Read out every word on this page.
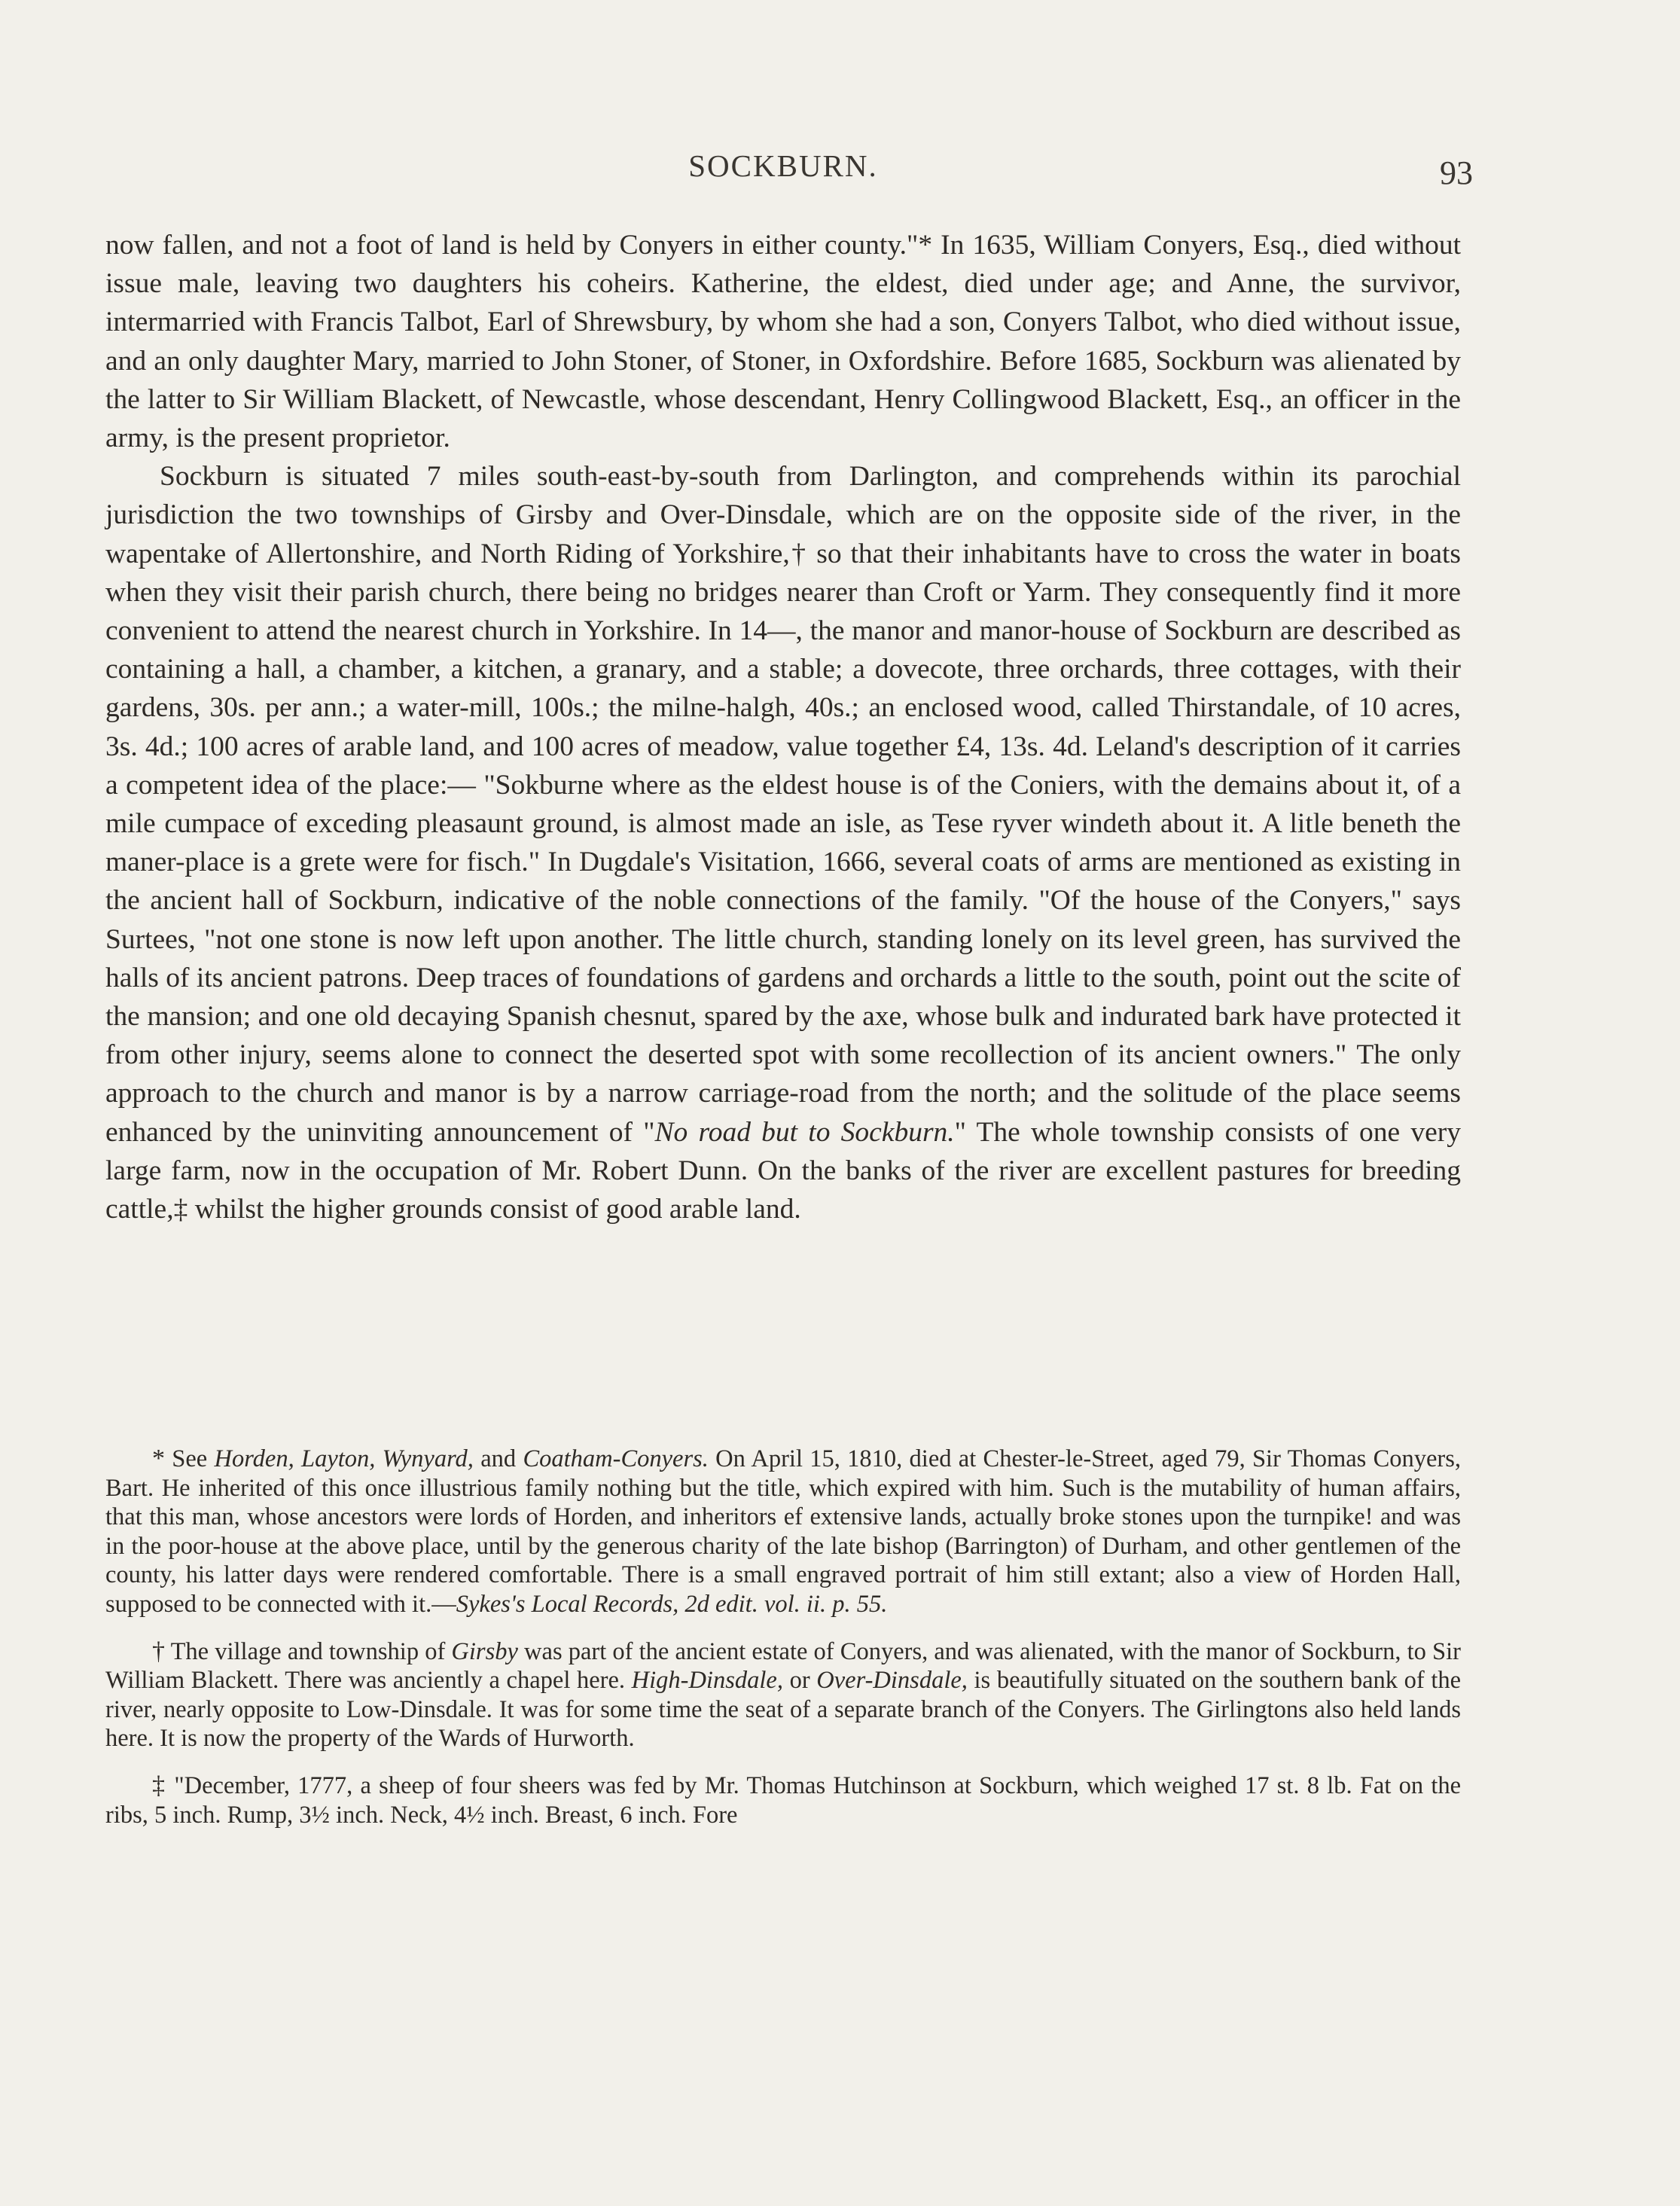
SOCKBURN.	93

now fallen, and not a foot of land is held by Conyers in either county."* In 1635, William Conyers, Esq., died without issue male, leaving two daughters his coheirs. Katherine, the eldest, died under age; and Anne, the survivor, intermarried with Francis Talbot, Earl of Shrewsbury, by whom she had a son, Conyers Talbot, who died without issue, and an only daughter Mary, married to John Stoner, of Stoner, in Oxfordshire. Before 1685, Sockburn was alienated by the latter to Sir William Blackett, of Newcastle, whose descendant, Henry Collingwood Blackett, Esq., an officer in the army, is the present proprietor.

Sockburn is situated 7 miles south-east-by-south from Darlington, and comprehends within its parochial jurisdiction the two townships of Girsby and Over-Dinsdale, which are on the opposite side of the river, in the wapentake of Allertonshire, and North Riding of Yorkshire,† so that their inhabitants have to cross the water in boats when they visit their parish church, there being no bridges nearer than Croft or Yarm. They consequently find it more convenient to attend the nearest church in Yorkshire. In 14—, the manor and manor-house of Sockburn are described as containing a hall, a chamber, a kitchen, a granary, and a stable; a dovecote, three orchards, three cottages, with their gardens, 30s. per ann.; a water-mill, 100s.; the milne-halgh, 40s.; an enclosed wood, called Thirstandale, of 10 acres, 3s. 4d.; 100 acres of arable land, and 100 acres of meadow, value together £4, 13s. 4d. Leland's description of it carries a competent idea of the place:— "Sokburne where as the eldest house is of the Coniers, with the demains about it, of a mile cumpace of exceding pleasaunt ground, is almost made an isle, as Tese ryver windeth about it. A litle beneth the maner-place is a grete were for fisch." In Dugdale's Visitation, 1666, several coats of arms are mentioned as existing in the ancient hall of Sockburn, indicative of the noble connections of the family. "Of the house of the Conyers," says Surtees, "not one stone is now left upon another. The little church, standing lonely on its level green, has survived the halls of its ancient patrons. Deep traces of foundations of gardens and orchards a little to the south, point out the scite of the mansion; and one old decaying Spanish chesnut, spared by the axe, whose bulk and indurated bark have protected it from other injury, seems alone to connect the deserted spot with some recollection of its ancient owners." The only approach to the church and manor is by a narrow carriage-road from the north; and the solitude of the place seems enhanced by the uninviting announcement of "No road but to Sockburn." The whole township consists of one very large farm, now in the occupation of Mr. Robert Dunn. On the banks of the river are excellent pastures for breeding cattle,‡ whilst the higher grounds consist of good arable land.

* See Horden, Layton, Wynyard, and Coatham-Conyers. On April 15, 1810, died at Chester-le-Street, aged 79, Sir Thomas Conyers, Bart. He inherited of this once illustrious family nothing but the title, which expired with him. Such is the mutability of human affairs, that this man, whose ancestors were lords of Horden, and inheritors ef extensive lands, actually broke stones upon the turnpike! and was in the poor-house at the above place, until by the generous charity of the late bishop (Barrington) of Durham, and other gentlemen of the county, his latter days were rendered comfortable. There is a small engraved portrait of him still extant; also a view of Horden Hall, supposed to be connected with it.—Sykes's Local Records, 2d edit. vol. ii. p. 55.

† The village and township of Girsby was part of the ancient estate of Conyers, and was alienated, with the manor of Sockburn, to Sir William Blackett. There was anciently a chapel here. High-Dinsdale, or Over-Dinsdale, is beautifully situated on the southern bank of the river, nearly opposite to Low-Dinsdale. It was for some time the seat of a separate branch of the Conyers. The Girlingtons also held lands here. It is now the property of the Wards of Hurworth.

‡ "December, 1777, a sheep of four sheers was fed by Mr. Thomas Hutchinson at Sockburn, which weighed 17 st. 8 lb. Fat on the ribs, 5 inch. Rump, 3½ inch. Neck, 4½ inch. Breast, 6 inch. Fore
